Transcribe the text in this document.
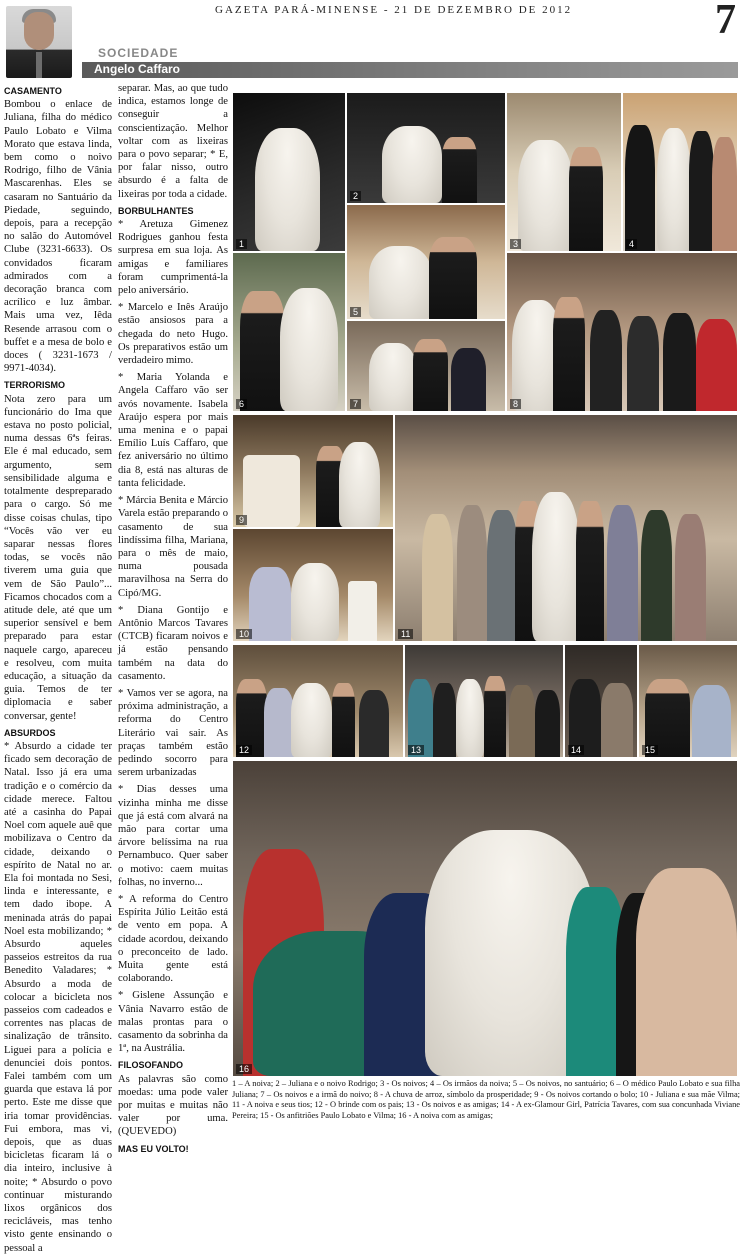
GAZETA PARÁ-MINENSE - 21 DE DEZEMBRO DE 2012	7
SOCIEDADE
Angelo Caffaro
CASAMENTO

Bombou o enlace de Juliana, filha do médico Paulo Lobato e Vilma Morato que estava linda, bem como o noivo Rodrigo, filho de Vânia Mascarenhas. Eles se casaram no Santuário da Piedade, seguindo, depois, para a recepção no salão do Automóvel Clube (3231-6633). Os convidados ficaram admirados com a decoração branca com acrílico e luz âmbar. Mais uma vez, Iêda Resende arrasou com o buffet e a mesa de bolo e doces ( 3231-1673 / 9971-4034).

TERRORISMO

Nota zero para um funcionário do Ima que estava no posto policial, numa dessas 6ªs feiras. Ele é mal educado, sem argumento, sem sensibilidade alguma e totalmente despreparado para o cargo. Só me disse coisas chulas, tipo “Vocês vão ver eu saparar nessas flores todas, se vocês não tiverem uma guia que vem de São Paulo”... Ficamos chocados com a atitude dele, até que um superior sensível e bem preparado para estar naquele cargo, apareceu e resolveu, com muita educação, a situação da guia. Temos de ter diplomacia e saber conversar, gente!

ABSURDOS

* Absurdo a cidade ter ficado sem decoração de Natal. Isso já era uma tradição e o comércio da cidade merece. Faltou até a casinha do Papai Noel com aquele auê que mobilizava o Centro da cidade, deixando o espírito de Natal no ar. Ela foi montada no Sesi, linda e interessante, e tem dado ibope. A meninada atrás do papai Noel esta mobilizando; * Absurdo aqueles passeios estreitos da rua Benedito Valadares; * Absurdo a moda de colocar a bicicleta nos passeios com cadeados e correntes nas placas de sinalização de trânsito. Liguei para a polícia e denunciei dois pontos. Falei também com um guarda que estava lá por perto. Este me disse que iria tomar providências. Fui embora, mas vi, depois, que as duas bicicletas ficaram lá o dia inteiro, inclusive à noite; * Absurdo o povo continuar misturando lixos orgânicos dos recicláveis, mas tenho visto gente ensinando o pessoal a

separar. Mas, ao que tudo indica, estamos longe de conseguir a conscientização. Melhor voltar com as lixeiras para o povo separar; * E, por falar nisso, outro absurdo é a falta de lixeiras por toda a cidade.

BORBULHANTES

* Aretuza Gimenez Rodrigues ganhou festa surpresa em sua loja. As amigas e familiares foram cumprimentá-la pelo aniversário.

* Marcelo e Inês Araújo estão ansiosos para a chegada do neto Hugo. Os preparativos estão um verdadeiro mimo.

* Maria Yolanda e Angela Caffaro vão ser avós novamente. Isabela Araújo espera por mais uma menina e o papai Emílio Luís Caffaro, que fez aniversário no último dia 8, está nas alturas de tanta felicidade.

* Márcia Benita e Márcio Varela estão preparando o casamento de sua lindíssima filha, Mariana, para o mês de maio, numa pousada maravilhosa na Serra do Cipó/MG.

* Diana Gontijo e Antônio Marcos Tavares (CTCB) ficaram noivos e já estão pensando também na data do casamento.

* Vamos ver se agora, na próxima administração, a reforma do Centro Literário vai sair. As praças também estão pedindo socorro para serem urbanizadas

* Dias desses uma vizinha minha me disse que já está com alvará na mão para cortar uma árvore belíssima na rua Pernambuco. Quer saber o motivo: caem muitas folhas, no inverno...

* A reforma do Centro Espírita Júlio Leitão está de vento em popa. A cidade acordou, deixando o preconceito de lado. Muita gente está colaborando.

* Gislene Assunção e Vânia Navarro estão de malas prontas para o casamento da sobrinha da 1ª, na Austrália.

FILOSOFANDO

As palavras são como moedas: uma pode valer por muitas e muitas não valer por uma. (QUEVEDO)

MAS EU VOLTO!
1
2
3	4
5
6	7	8
9
10	11
12	13	14	15
16
1 – A noiva; 2 – Juliana e o noivo Rodrigo; 3 - Os noivos; 4 – Os irmãos da noiva; 5 – Os noivos, no santuário; 6 – O médico Paulo Lobato e sua filha Juliana; 7 – Os noivos e a irmã do noivo; 8 - A chuva de arroz, símbolo da prosperidade; 9 - Os noivos cortando o bolo; 10 - Juliana e sua mãe Vilma; 11 - A noiva e seus tios; 12 - O brinde com os pais; 13 - Os noivos e as amigas; 14 - A ex-Glamour Girl, Patrícia Tavares, com sua concunhada Viviane Pereira; 15 - Os anfitriões Paulo Lobato e Vilma; 16 - A noiva com as amigas;
